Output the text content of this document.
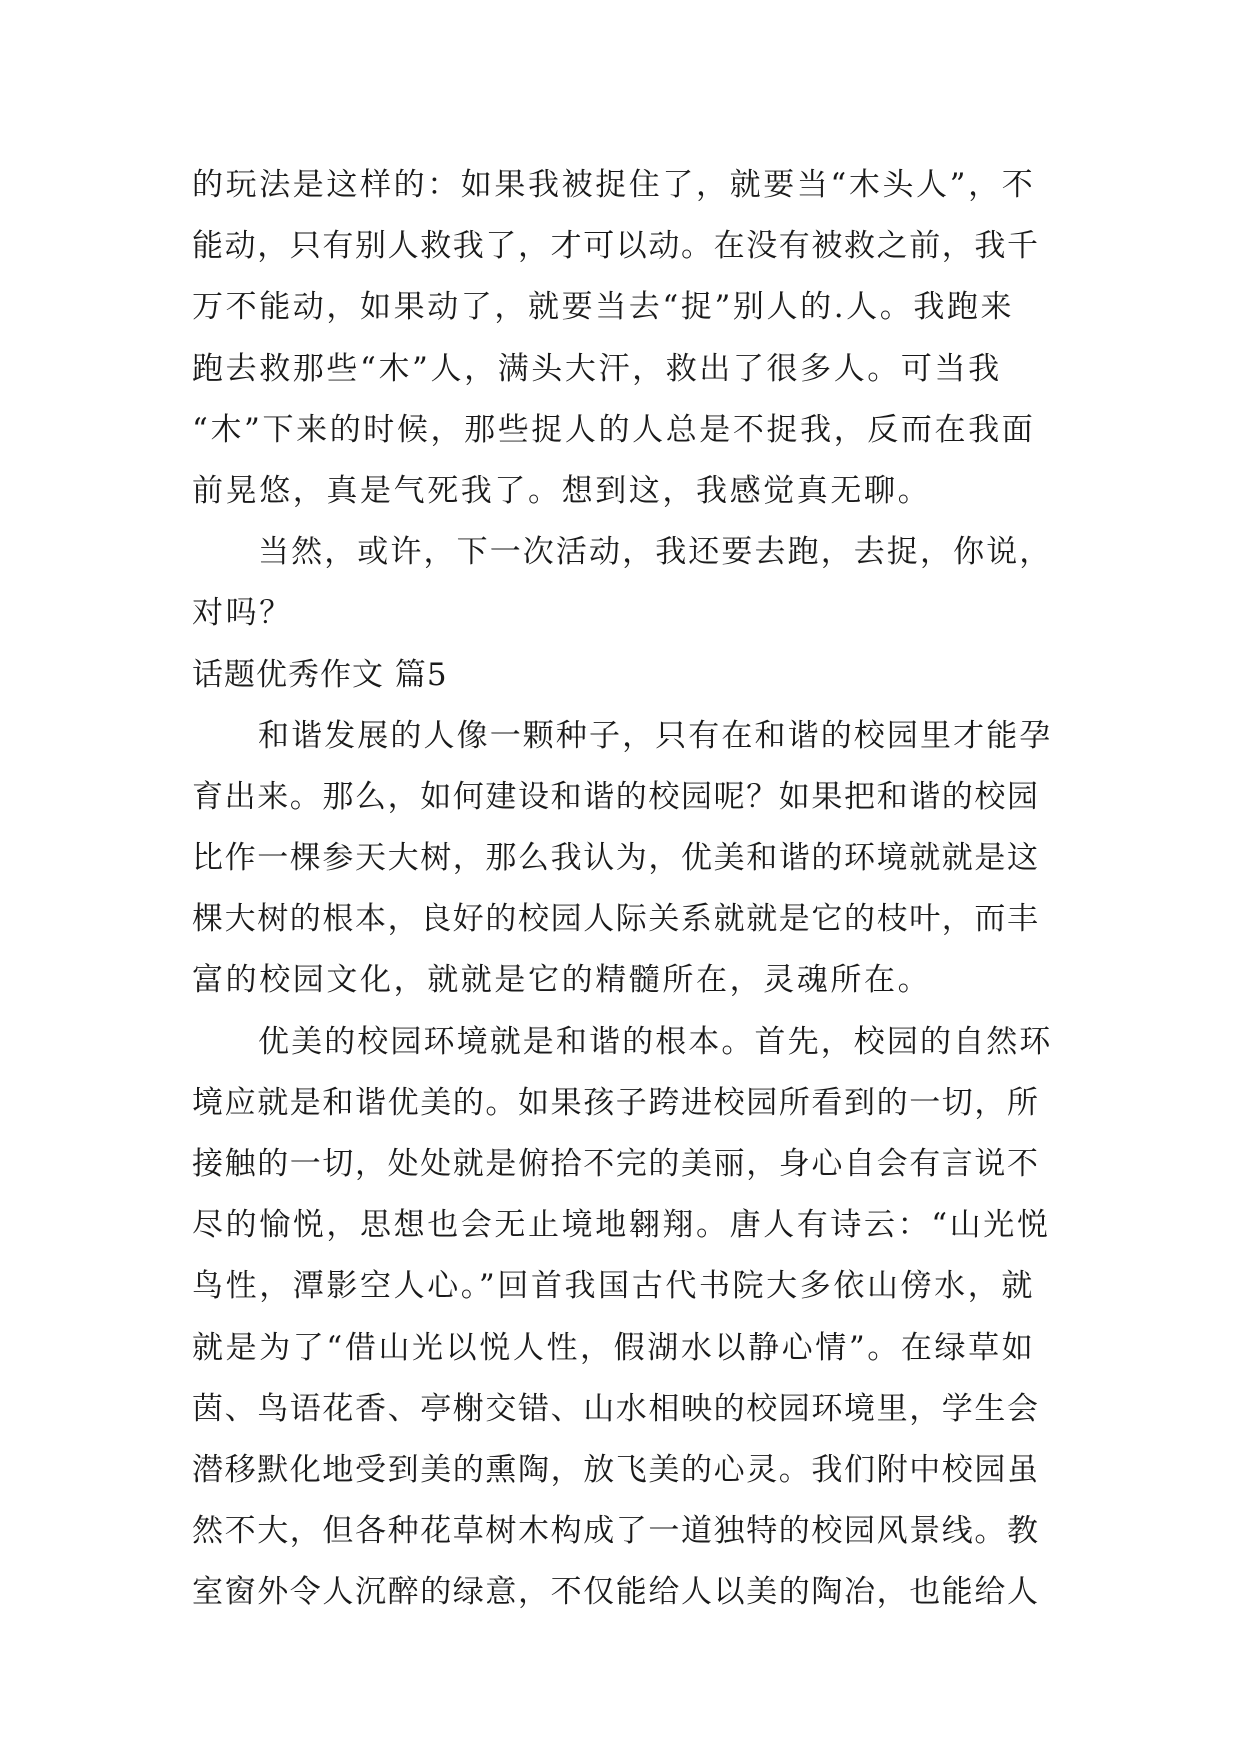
的玩法是这样的：如果我被捉住了，就要当“木头人”，不
能动，只有别人救我了，才可以动。在没有被救之前，我千
万不能动，如果动了，就要当去“捉”别人的.人。我跑来
跑去救那些“木”人，满头大汗，救出了很多人。可当我
“木”下来的时候，那些捉人的人总是不捉我，反而在我面
前晃悠，真是气死我了。想到这，我感觉真无聊。
当然，或许，下一次活动，我还要去跑，去捉，你说，
对吗？
话题优秀作文 篇5
和谐发展的人像一颗种子，只有在和谐的校园里才能孕
育出来。那么，如何建设和谐的校园呢？如果把和谐的校园
比作一棵参天大树，那么我认为，优美和谐的环境就就是这
棵大树的根本，良好的校园人际关系就就是它的枝叶，而丰
富的校园文化，就就是它的精髓所在，灵魂所在。
优美的校园环境就是和谐的根本。首先，校园的自然环
境应就是和谐优美的。如果孩子跨进校园所看到的一切，所
接触的一切，处处就是俯拾不完的美丽，身心自会有言说不
尽的愉悦，思想也会无止境地翱翔。唐人有诗云：“山光悦
鸟性，潭影空人心。”回首我国古代书院大多依山傍水，就
就是为了“借山光以悦人性，假湖水以静心情”。在绿草如
茵、鸟语花香、亭榭交错、山水相映的校园环境里，学生会
潜移默化地受到美的熏陶，放飞美的心灵。我们附中校园虽
然不大，但各种花草树木构成了一道独特的校园风景线。教
室窗外令人沉醉的绿意，不仅能给人以美的陶冶，也能给人
